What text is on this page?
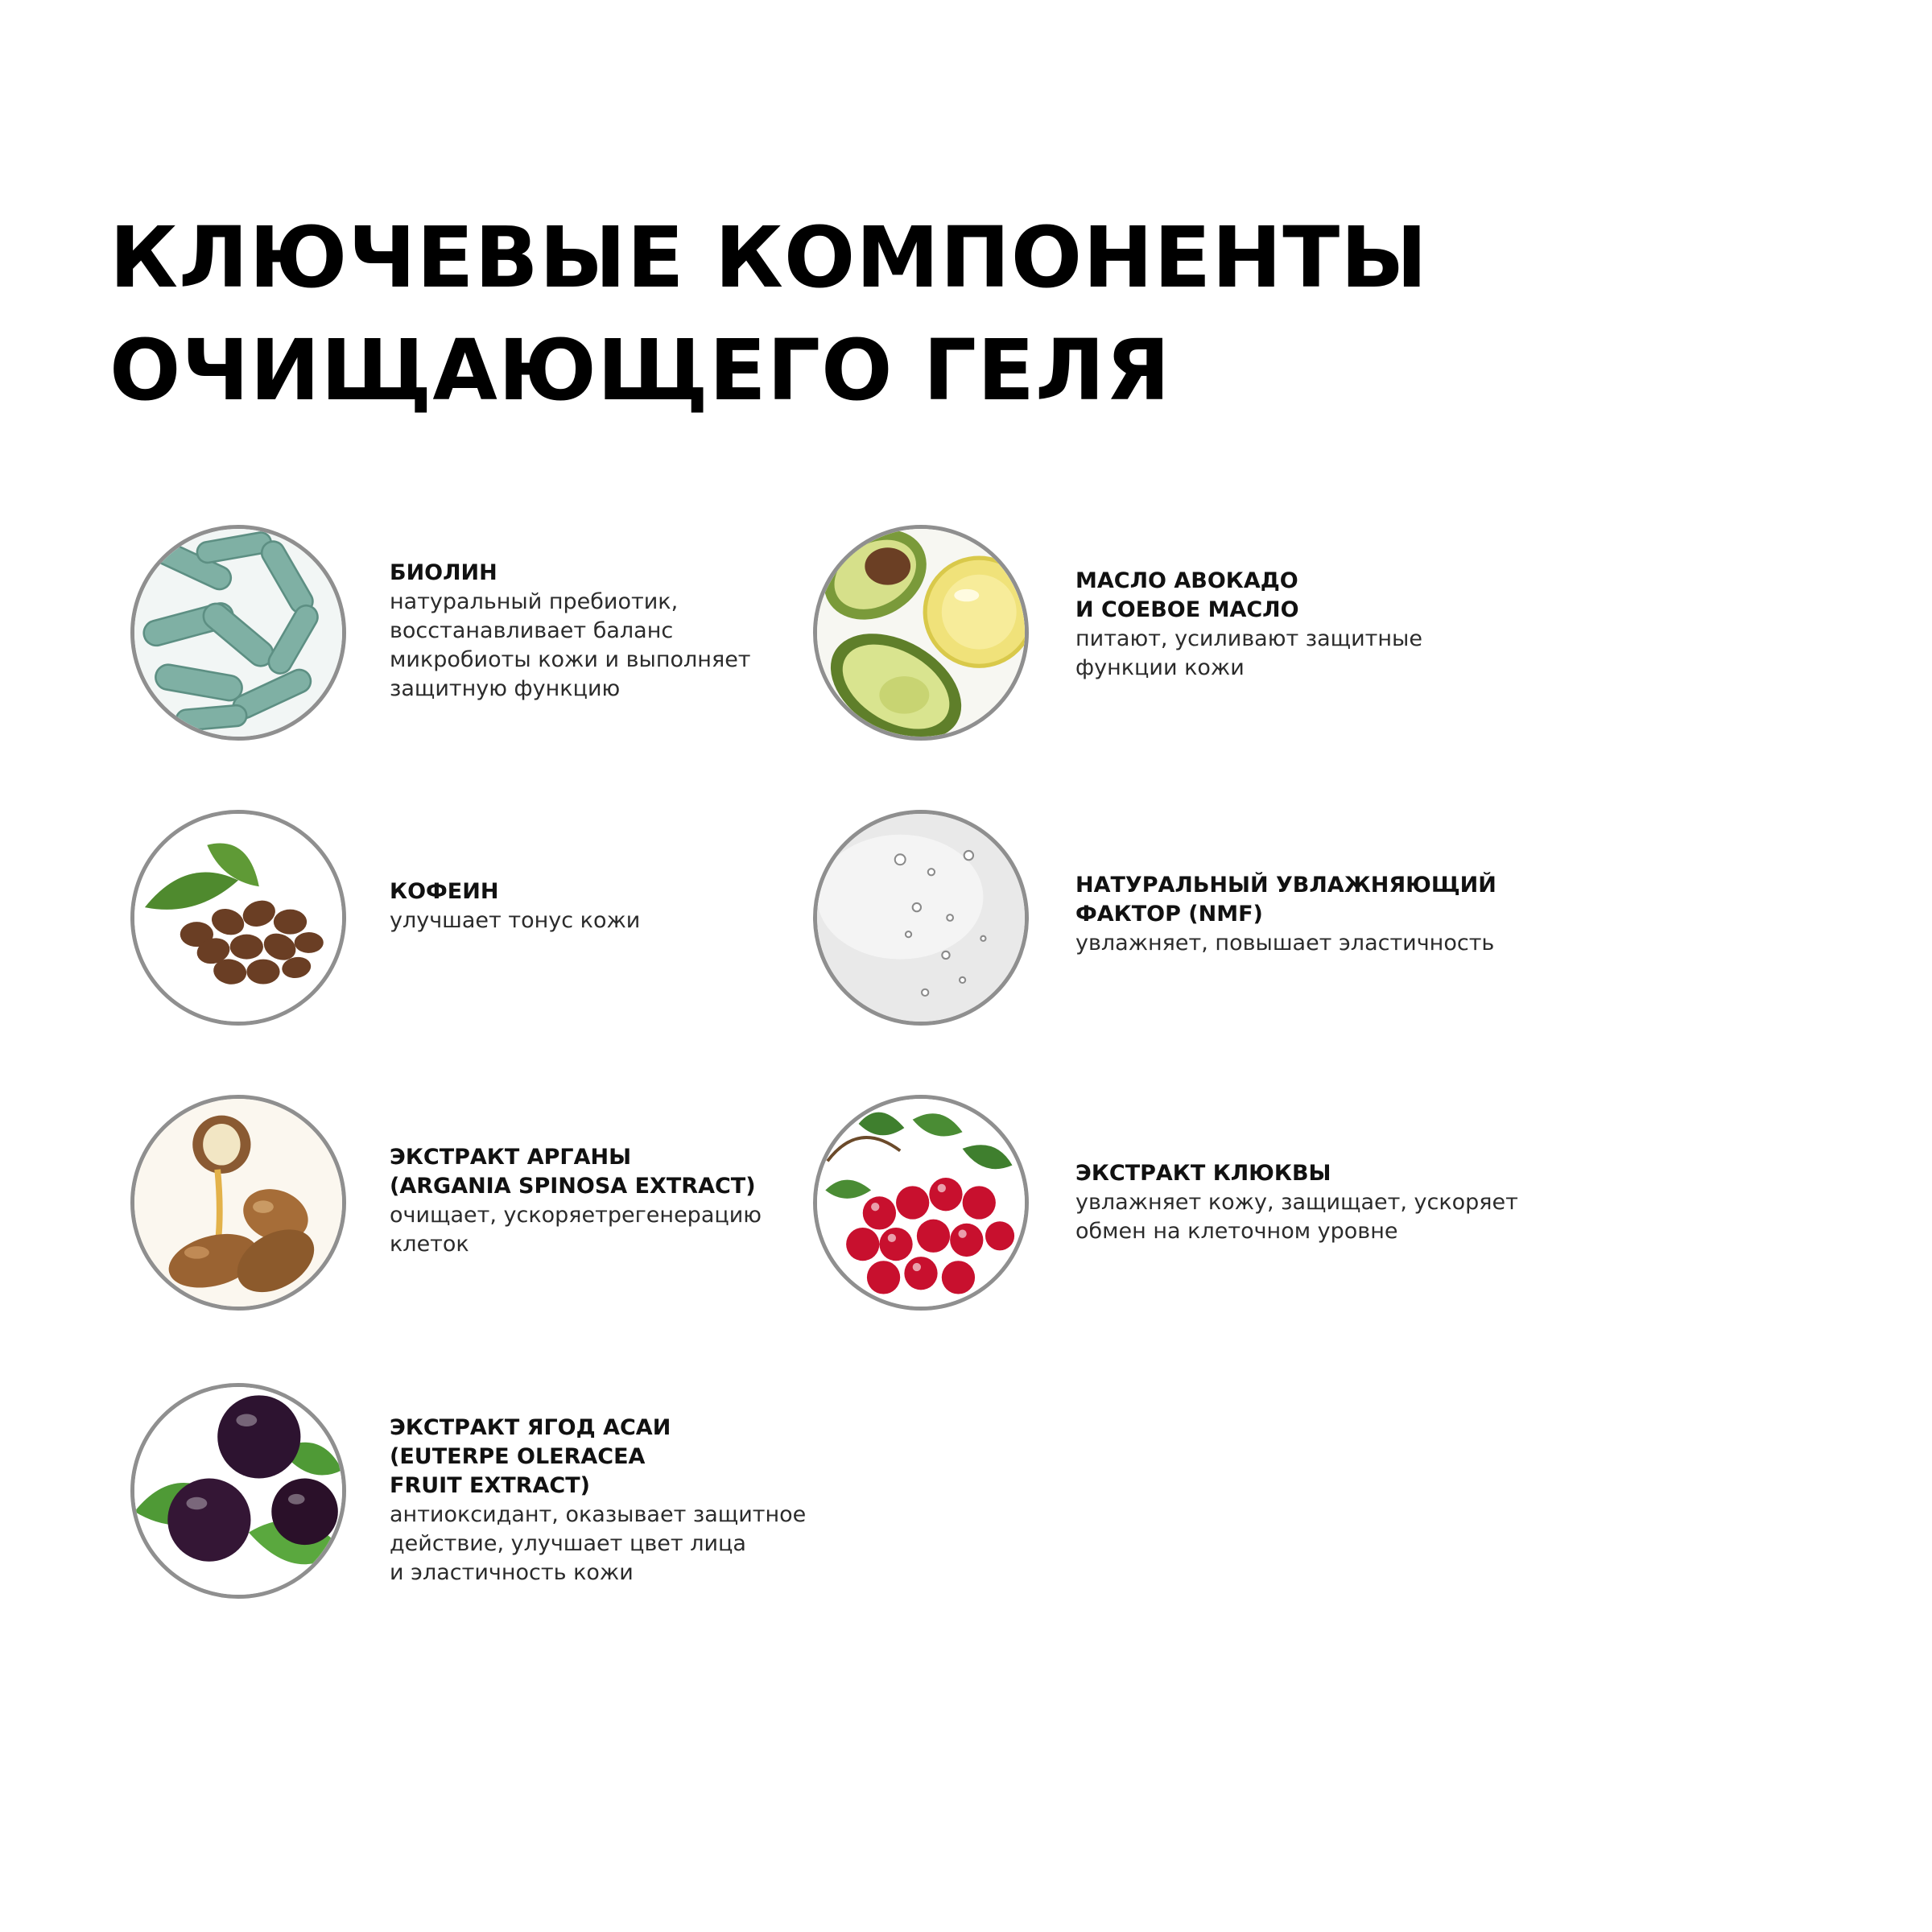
КЛЮЧЕВЫЕ КОМПОНЕНТЫ
ОЧИЩАЮЩЕГО ГЕЛЯ
БИОЛИН
натуральный пребиотик,
восстанавливает баланс
микробиоты кожи и выполняет
защитную функцию
МАСЛО АВОКАДО
И СОЕВОЕ МАСЛО
питают, усиливают защитные
функции кожи
КОФЕИН
улучшает тонус кожи
НАТУРАЛЬНЫЙ УВЛАЖНЯЮЩИЙ
ФАКТОР (NMF)
увлажняет, повышает эластичность
ЭКСТРАКТ АРГАНЫ
(ARGANIA SPINOSA EXTRACT)
очищает, ускоряетрегенерацию
клеток
ЭКСТРАКТ КЛЮКВЫ
увлажняет кожу, защищает, ускоряет
обмен на клеточном уровне
ЭКСТРАКТ ЯГОД АСАИ
(EUTERPE OLERACEA
FRUIT EXTRACT)
антиоксидант, оказывает защитное
действие, улучшает цвет лица
и эластичность кожи
